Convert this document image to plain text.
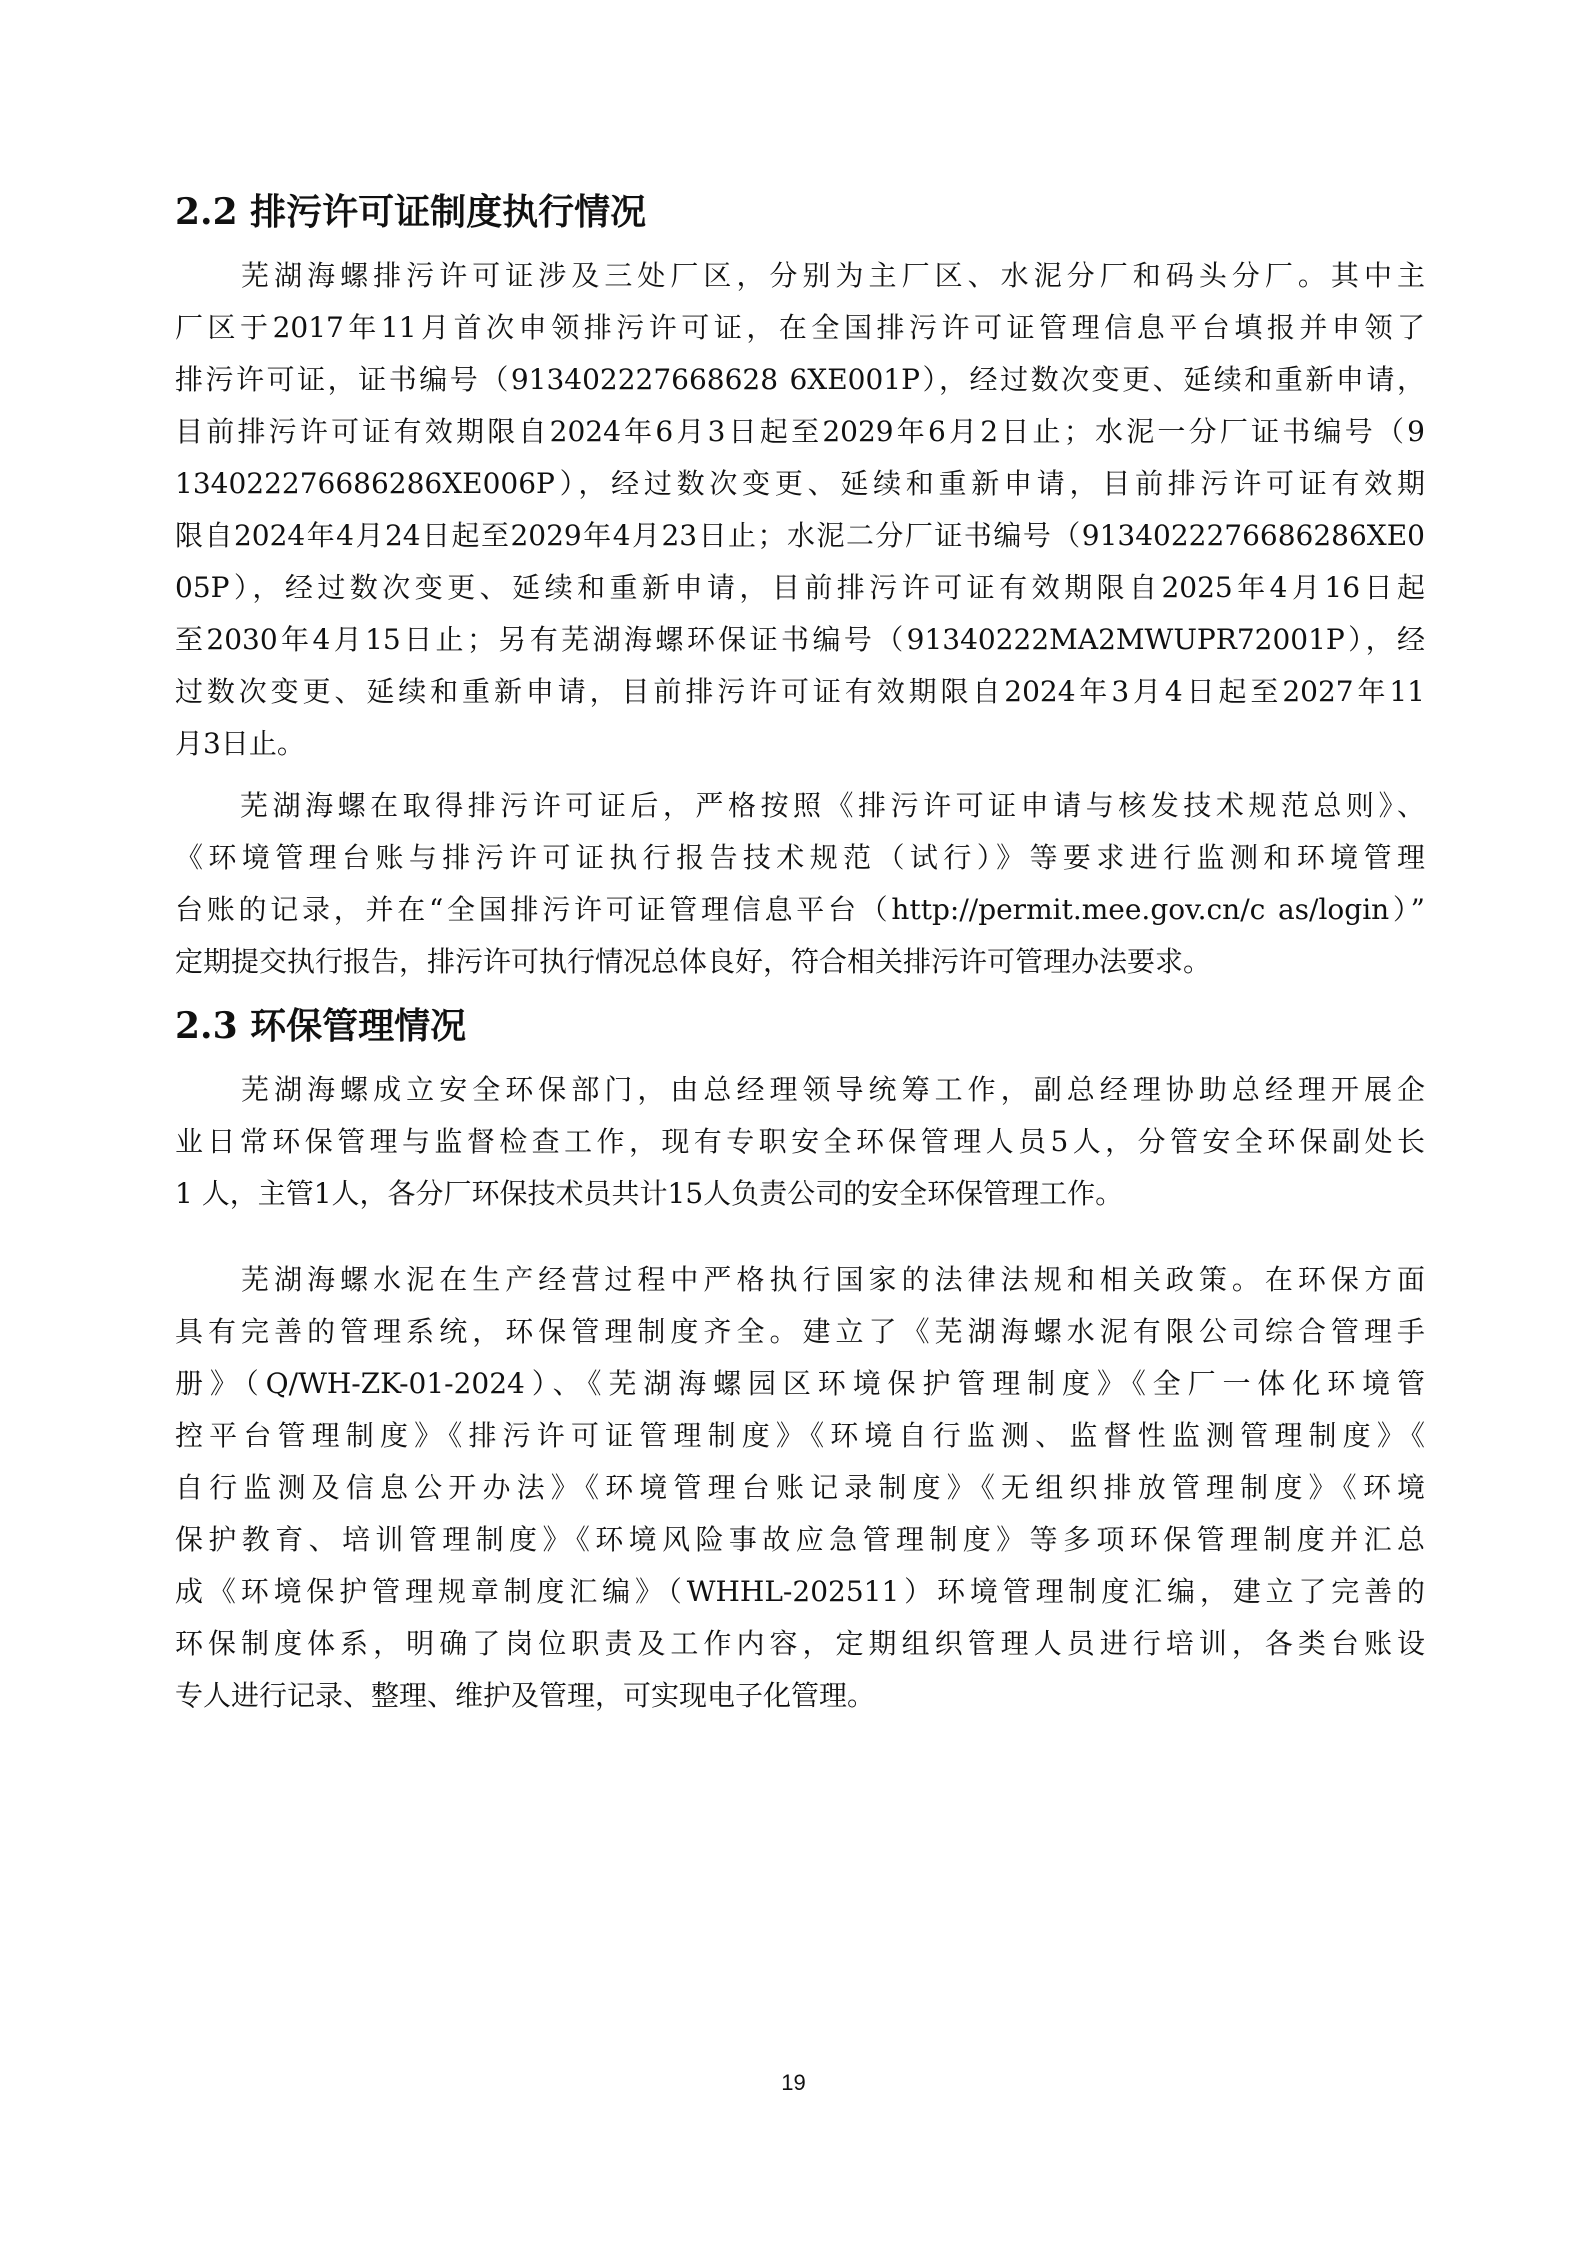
2.2 排污许可证制度执行情况

　　芜湖海螺排污许可证涉及三处厂区，分别为主厂区、水泥分厂和码头分厂。其中主
厂区于2017年11月首次申领排污许可证，在全国排污许可证管理信息平台填报并申领了
排污许可证，证书编号（913402227668628 6XE001P），经过数次变更、延续和重新申请，
目前排污许可证有效期限自2024年6月3日起至2029年6月2日止；水泥一分厂证书编号（9
134022276686286XE006P），经过数次变更、延续和重新申请，目前排污许可证有效期
限自2024年4月24日起至2029年4月23日止；水泥二分厂证书编号（9134022276686286XE0
05P），经过数次变更、延续和重新申请，目前排污许可证有效期限自2025年4月16日起
至2030年4月15日止；另有芜湖海螺环保证书编号（91340222MA2MWUPR72001P），经
过数次变更、延续和重新申请，目前排污许可证有效期限自2024年3月4日起至2027年11
月3日止。

　　芜湖海螺在取得排污许可证后，严格按照《排污许可证申请与核发技术规范总则》、
《环境管理台账与排污许可证执行报告技术规范（试行）》等要求进行监测和环境管理
台账的记录，并在“全国排污许可证管理信息平台（http://permit.mee.gov.cn/c as/login）”
定期提交执行报告，排污许可执行情况总体良好，符合相关排污许可管理办法要求。

2.3 环保管理情况

　　芜湖海螺成立安全环保部门，由总经理领导统筹工作，副总经理协助总经理开展企
业日常环保管理与监督检查工作，现有专职安全环保管理人员5人，分管安全环保副处长
1 人，主管1人，各分厂环保技术员共计15人负责公司的安全环保管理工作。

　　芜湖海螺水泥在生产经营过程中严格执行国家的法律法规和相关政策。在环保方面
具有完善的管理系统，环保管理制度齐全。建立了《芜湖海螺水泥有限公司综合管理手
册》（Q/WH-ZK-01-2024）、《芜湖海螺园区环境保护管理制度》《全厂一体化环境管
控平台管理制度》《排污许可证管理制度》《环境自行监测、监督性监测管理制度》《
自行监测及信息公开办法》《环境管理台账记录制度》《无组织排放管理制度》《环境
保护教育、培训管理制度》《环境风险事故应急管理制度》等多项环保管理制度并汇总
成《环境保护管理规章制度汇编》（WHHL-202511）环境管理制度汇编，建立了完善的
环保制度体系，明确了岗位职责及工作内容，定期组织管理人员进行培训，各类台账设
专人进行记录、整理、维护及管理，可实现电子化管理。

19
